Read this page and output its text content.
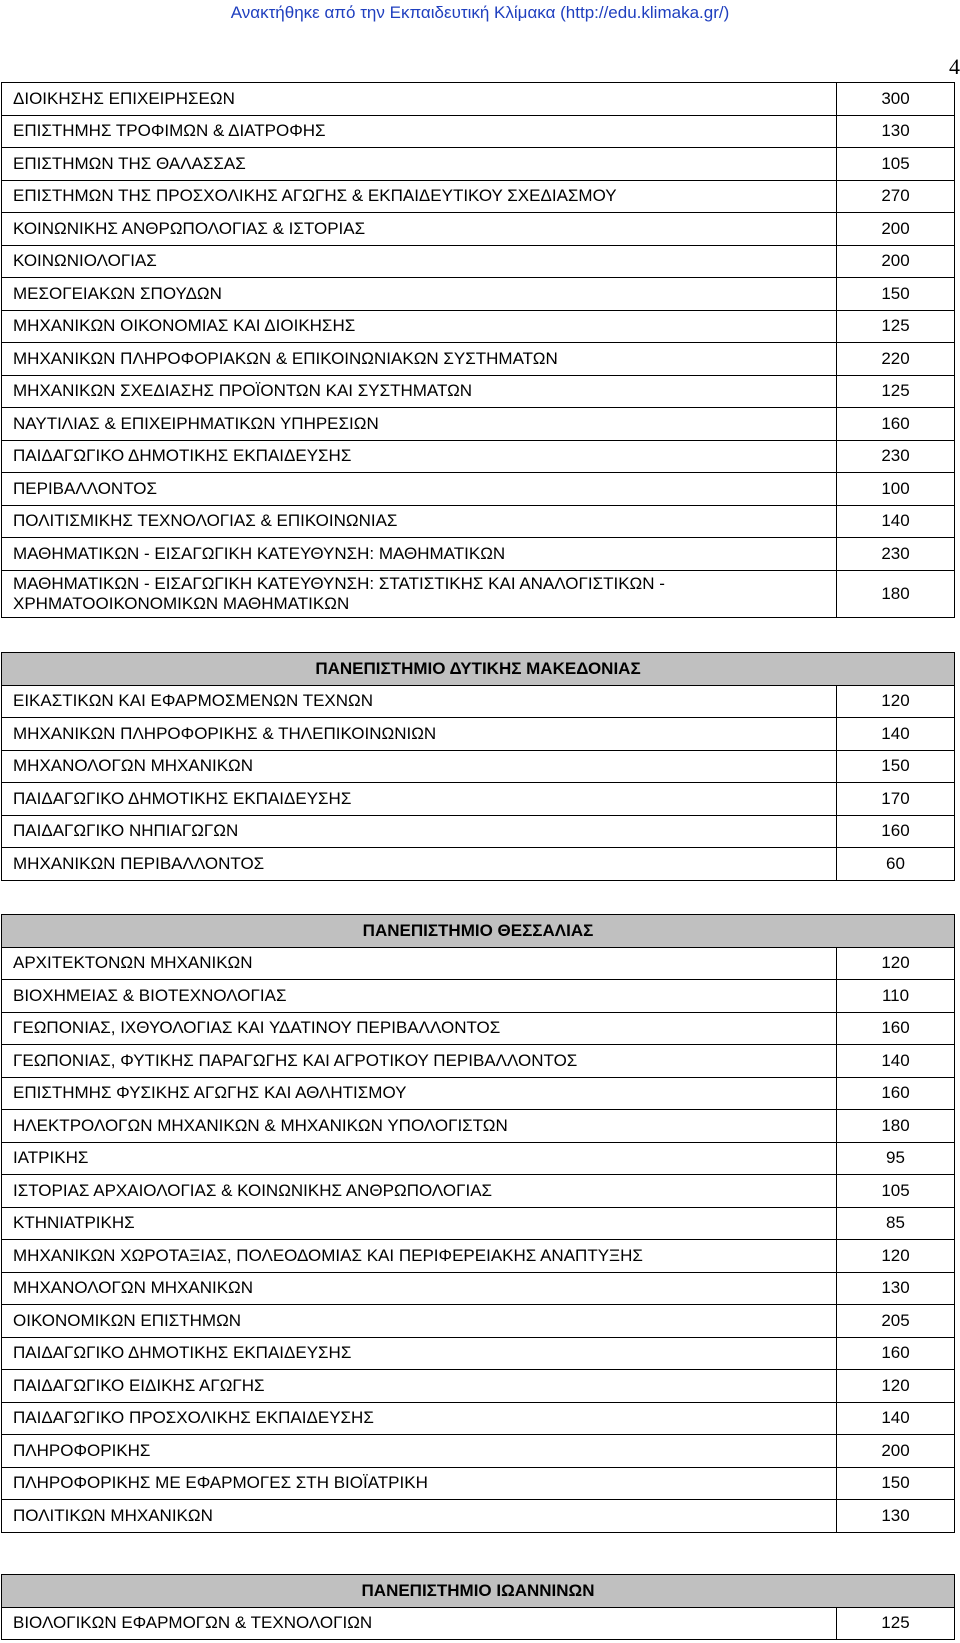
Ανακτήθηκε από την Εκπαιδευτική Κλίμακα (http://edu.klimaka.gr/)
4
ΔΙΟΙΚΗΣΗΣ ΕΠΙΧΕΙΡΗΣΕΩΝ	300
ΕΠΙΣΤΗΜΗΣ ΤΡΟΦΙΜΩΝ & ΔΙΑΤΡΟΦΗΣ	130
ΕΠΙΣΤΗΜΩΝ ΤΗΣ ΘΑΛΑΣΣΑΣ	105
ΕΠΙΣΤΗΜΩΝ ΤΗΣ ΠΡΟΣΧΟΛΙΚΗΣ ΑΓΩΓΗΣ & ΕΚΠΑΙΔΕΥΤΙΚΟΥ ΣΧΕΔΙΑΣΜΟΥ	270
ΚΟΙΝΩΝΙΚΗΣ ΑΝΘΡΩΠΟΛΟΓΙΑΣ & ΙΣΤΟΡΙΑΣ	200
ΚΟΙΝΩΝΙΟΛΟΓΙΑΣ	200
ΜΕΣΟΓΕΙΑΚΩΝ ΣΠΟΥΔΩΝ	150
ΜΗΧΑΝΙΚΩΝ ΟΙΚΟΝΟΜΙΑΣ ΚΑΙ ΔΙΟΙΚΗΣΗΣ	125
ΜΗΧΑΝΙΚΩΝ ΠΛΗΡΟΦΟΡΙΑΚΩΝ & ΕΠΙΚΟΙΝΩΝΙΑΚΩΝ ΣΥΣΤΗΜΑΤΩΝ	220
ΜΗΧΑΝΙΚΩΝ ΣΧΕΔΙΑΣΗΣ ΠΡΟΪΟΝΤΩΝ ΚΑΙ ΣΥΣΤΗΜΑΤΩΝ	125
ΝΑΥΤΙΛΙΑΣ & ΕΠΙΧΕΙΡΗΜΑΤΙΚΩΝ ΥΠΗΡΕΣΙΩΝ	160
ΠΑΙΔΑΓΩΓΙΚΟ ΔΗΜΟΤΙΚΗΣ ΕΚΠΑΙΔΕΥΣΗΣ	230
ΠΕΡΙΒΑΛΛΟΝΤΟΣ	100
ΠΟΛΙΤΙΣΜΙΚΗΣ ΤΕΧΝΟΛΟΓΙΑΣ & ΕΠΙΚΟΙΝΩΝΙΑΣ	140
ΜΑΘΗΜΑΤΙΚΩΝ - ΕΙΣΑΓΩΓΙΚΗ ΚΑΤΕΥΘΥΝΣΗ: ΜΑΘΗΜΑΤΙΚΩΝ	230
ΜΑΘΗΜΑΤΙΚΩΝ - ΕΙΣΑΓΩΓΙΚΗ ΚΑΤΕΥΘΥΝΣΗ: ΣΤΑΤΙΣΤΙΚΗΣ ΚΑΙ ΑΝΑΛΟΓΙΣΤΙΚΩΝ - ΧΡΗΜΑΤΟΟΙΚΟΝΟΜΙΚΩΝ ΜΑΘΗΜΑΤΙΚΩΝ	180
ΠΑΝΕΠΙΣΤΗΜΙΟ ΔΥΤΙΚΗΣ ΜΑΚΕΔΟΝΙΑΣ	
ΕΙΚΑΣΤΙΚΩΝ ΚΑΙ ΕΦΑΡΜΟΣΜΕΝΩΝ ΤΕΧΝΩΝ	120
ΜΗΧΑΝΙΚΩΝ ΠΛΗΡΟΦΟΡΙΚΗΣ & ΤΗΛΕΠΙΚΟΙΝΩΝΙΩΝ	140
ΜΗΧΑΝΟΛΟΓΩΝ ΜΗΧΑΝΙΚΩΝ	150
ΠΑΙΔΑΓΩΓΙΚΟ ΔΗΜΟΤΙΚΗΣ ΕΚΠΑΙΔΕΥΣΗΣ	170
ΠΑΙΔΑΓΩΓΙΚΟ ΝΗΠΙΑΓΩΓΩΝ	160
ΜΗΧΑΝΙΚΩΝ ΠΕΡΙΒΑΛΛΟΝΤΟΣ	60
ΠΑΝΕΠΙΣΤΗΜΙΟ ΘΕΣΣΑΛΙΑΣ	
ΑΡΧΙΤΕΚΤΟΝΩΝ ΜΗΧΑΝΙΚΩΝ	120
ΒΙΟΧΗΜΕΙΑΣ & ΒΙΟΤΕΧΝΟΛΟΓΙΑΣ	110
ΓΕΩΠΟΝΙΑΣ, ΙΧΘΥΟΛΟΓΙΑΣ ΚΑΙ ΥΔΑΤΙΝΟΥ ΠΕΡΙΒΑΛΛΟΝΤΟΣ	160
ΓΕΩΠΟΝΙΑΣ, ΦΥΤΙΚΗΣ ΠΑΡΑΓΩΓΗΣ ΚΑΙ ΑΓΡΟΤΙΚΟΥ ΠΕΡΙΒΑΛΛΟΝΤΟΣ	140
ΕΠΙΣΤΗΜΗΣ ΦΥΣΙΚΗΣ ΑΓΩΓΗΣ ΚΑΙ ΑΘΛΗΤΙΣΜΟΥ	160
ΗΛΕΚΤΡΟΛΟΓΩΝ ΜΗΧΑΝΙΚΩΝ & ΜΗΧΑΝΙΚΩΝ ΥΠΟΛΟΓΙΣΤΩΝ	180
ΙΑΤΡΙΚΗΣ	95
ΙΣΤΟΡΙΑΣ ΑΡΧΑΙΟΛΟΓΙΑΣ & ΚΟΙΝΩΝΙΚΗΣ ΑΝΘΡΩΠΟΛΟΓΙΑΣ	105
ΚΤΗΝΙΑΤΡΙΚΗΣ	85
ΜΗΧΑΝΙΚΩΝ ΧΩΡΟΤΑΞΙΑΣ, ΠΟΛΕΟΔΟΜΙΑΣ ΚΑΙ ΠΕΡΙΦΕΡΕΙΑΚΗΣ ΑΝΑΠΤΥΞΗΣ	120
ΜΗΧΑΝΟΛΟΓΩΝ ΜΗΧΑΝΙΚΩΝ	130
ΟΙΚΟΝΟΜΙΚΩΝ ΕΠΙΣΤΗΜΩΝ	205
ΠΑΙΔΑΓΩΓΙΚΟ ΔΗΜΟΤΙΚΗΣ ΕΚΠΑΙΔΕΥΣΗΣ	160
ΠΑΙΔΑΓΩΓΙΚΟ ΕΙΔΙΚΗΣ ΑΓΩΓΗΣ	120
ΠΑΙΔΑΓΩΓΙΚΟ ΠΡΟΣΧΟΛΙΚΗΣ ΕΚΠΑΙΔΕΥΣΗΣ	140
ΠΛΗΡΟΦΟΡΙΚΗΣ	200
ΠΛΗΡΟΦΟΡΙΚΗΣ ΜΕ ΕΦΑΡΜΟΓΕΣ ΣΤΗ ΒΙΟΪΑΤΡΙΚΗ	150
ΠΟΛΙΤΙΚΩΝ ΜΗΧΑΝΙΚΩΝ	130
ΠΑΝΕΠΙΣΤΗΜΙΟ ΙΩΑΝΝΙΝΩΝ
ΒΙΟΛΟΓΙΚΩΝ ΕΦΑΡΜΟΓΩΝ & ΤΕΧΝΟΛΟΓΙΩΝ	125
